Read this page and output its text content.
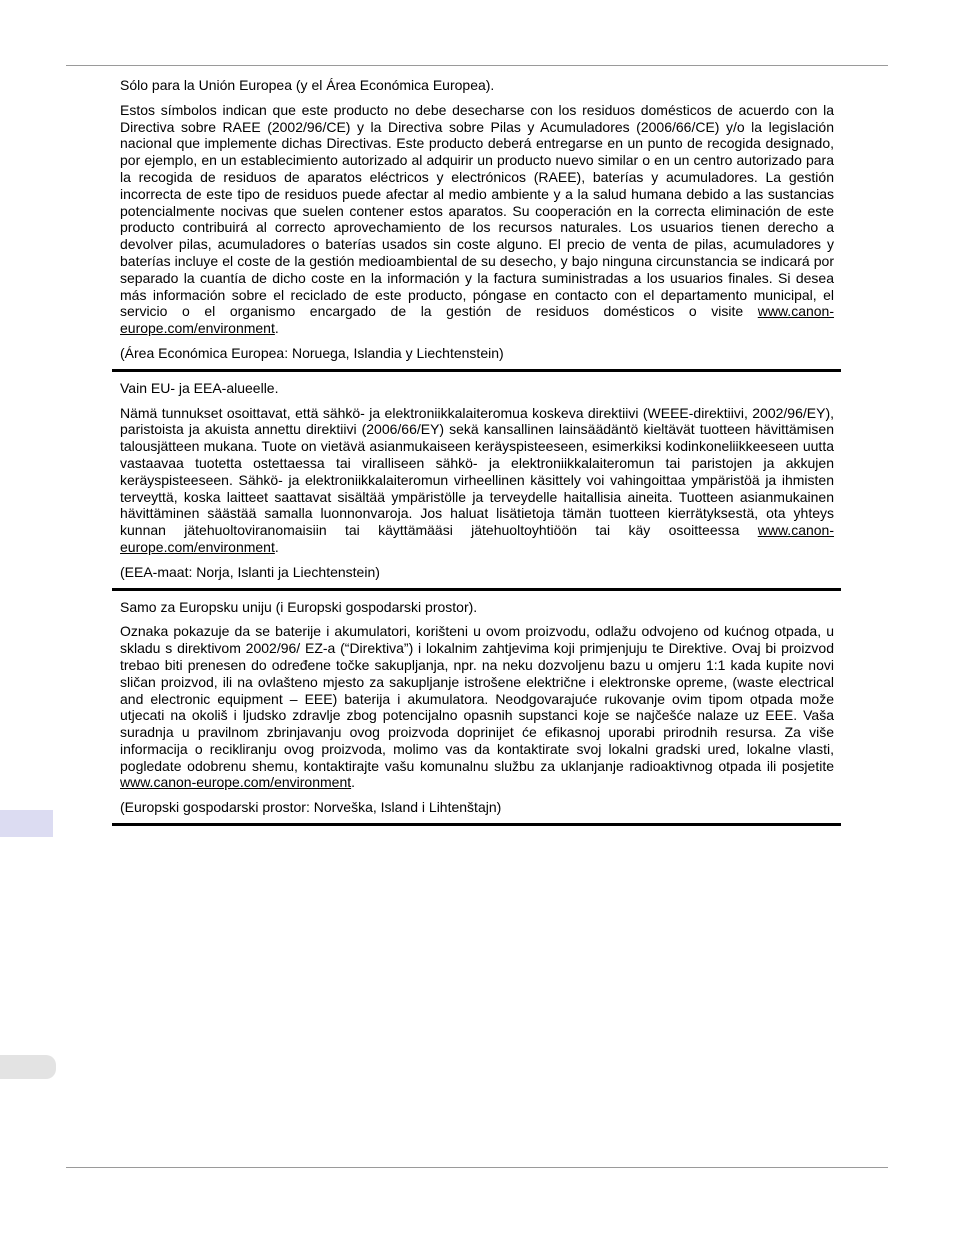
Sólo para la Unión Europea (y el Área Económica Europea).

Estos símbolos indican que este producto no debe desecharse con los residuos domésticos de acuerdo con la Directiva sobre RAEE (2002/96/CE) y la Directiva sobre Pilas y Acumuladores (2006/66/CE) y/o la legislación nacional que implemente dichas Directivas. Este producto deberá entregarse en un punto de recogida designado, por ejemplo, en un establecimiento autorizado al adquirir un producto nuevo similar o en un centro autorizado para la recogida de residuos de aparatos eléctricos y electrónicos (RAEE), baterías y acumuladores. La gestión incorrecta de este tipo de residuos puede afectar al medio ambiente y a la salud humana debido a las sustancias potencialmente nocivas que suelen contener estos aparatos. Su cooperación en la correcta eliminación de este producto contribuirá al correcto aprovechamiento de los recursos naturales. Los usuarios tienen derecho a devolver pilas, acumuladores o baterías usados sin coste alguno. El precio de venta de pilas, acumuladores y baterías incluye el coste de la gestión medioambiental de su desecho, y bajo ninguna circunstancia se indicará por separado la cuantía de dicho coste en la información y la factura suministradas a los usuarios finales. Si desea más información sobre el reciclado de este producto, póngase en contacto con el departamento municipal, el servicio o el organismo encargado de la gestión de residuos domésticos o visite www.canon-europe.com/environment.

(Área Económica Europea: Noruega, Islandia y Liechtenstein)

Vain EU- ja EEA-alueelle.

Nämä tunnukset osoittavat, että sähkö- ja elektroniikkalaiteromua koskeva direktiivi (WEEE-direktiivi, 2002/96/EY), paristoista ja akuista annettu direktiivi (2006/66/EY) sekä kansallinen lainsäädäntö kieltävät tuotteen hävittämisen talousjätteen mukana. Tuote on vietävä asianmukaiseen keräyspisteeseen, esimerkiksi kodinkoneliikkeeseen uutta vastaavaa tuotetta ostettaessa tai viralliseen sähkö- ja elektroniikkalaiteromun tai paristojen ja akkujen keräyspisteeseen. Sähkö- ja elektroniikkalaiteromun virheellinen käsittely voi vahingoittaa ympäristöä ja ihmisten terveyttä, koska laitteet saattavat sisältää ympäristölle ja terveydelle haitallisia aineita. Tuotteen asianmukainen hävittäminen säästää samalla luonnonvaroja. Jos haluat lisätietoja tämän tuotteen kierrätyksestä, ota yhteys kunnan jätehuoltoviranomaisiin tai käyttämääsi jätehuoltoyhtiöön tai käy osoitteessa www.canon-europe.com/environment.

(EEA-maat: Norja, Islanti ja Liechtenstein)

Samo za Europsku uniju (i Europski gospodarski prostor).

Oznaka pokazuje da se baterije i akumulatori, korišteni u ovom proizvodu, odlažu odvojeno od kućnog otpada, u skladu s direktivom 2002/96/ EZ-a (“Direktiva”) i lokalnim zahtjevima koji primjenjuju te Direktive. Ovaj bi proizvod trebao biti prenesen do određene točke sakupljanja, npr. na neku dozvoljenu bazu u omjeru 1:1 kada kupite novi sličan proizvod, ili na ovlašteno mjesto za sakupljanje istrošene električne i elektronske opreme, (waste electrical and electronic equipment – EEE) baterija i akumulatora. Neodgovarajuće rukovanje ovim tipom otpada može utjecati na okoliš i ljudsko zdravlje zbog potencijalno opasnih supstanci koje se najčešće nalaze uz EEE. Vaša suradnja u pravilnom zbrinjavanju ovog proizvoda doprinijet će efikasnoj uporabi prirodnih resursa. Za više informacija o recikliranju ovog proizvoda, molimo vas da kontaktirate svoj lokalni gradski ured, lokalne vlasti, pogledate odobrenu shemu, kontaktirajte vašu komunalnu službu za uklanjanje radioaktivnog otpada ili posjetite www.canon-europe.com/environment.

(Europski gospodarski prostor: Norveška, Island i Lihtenštajn)
